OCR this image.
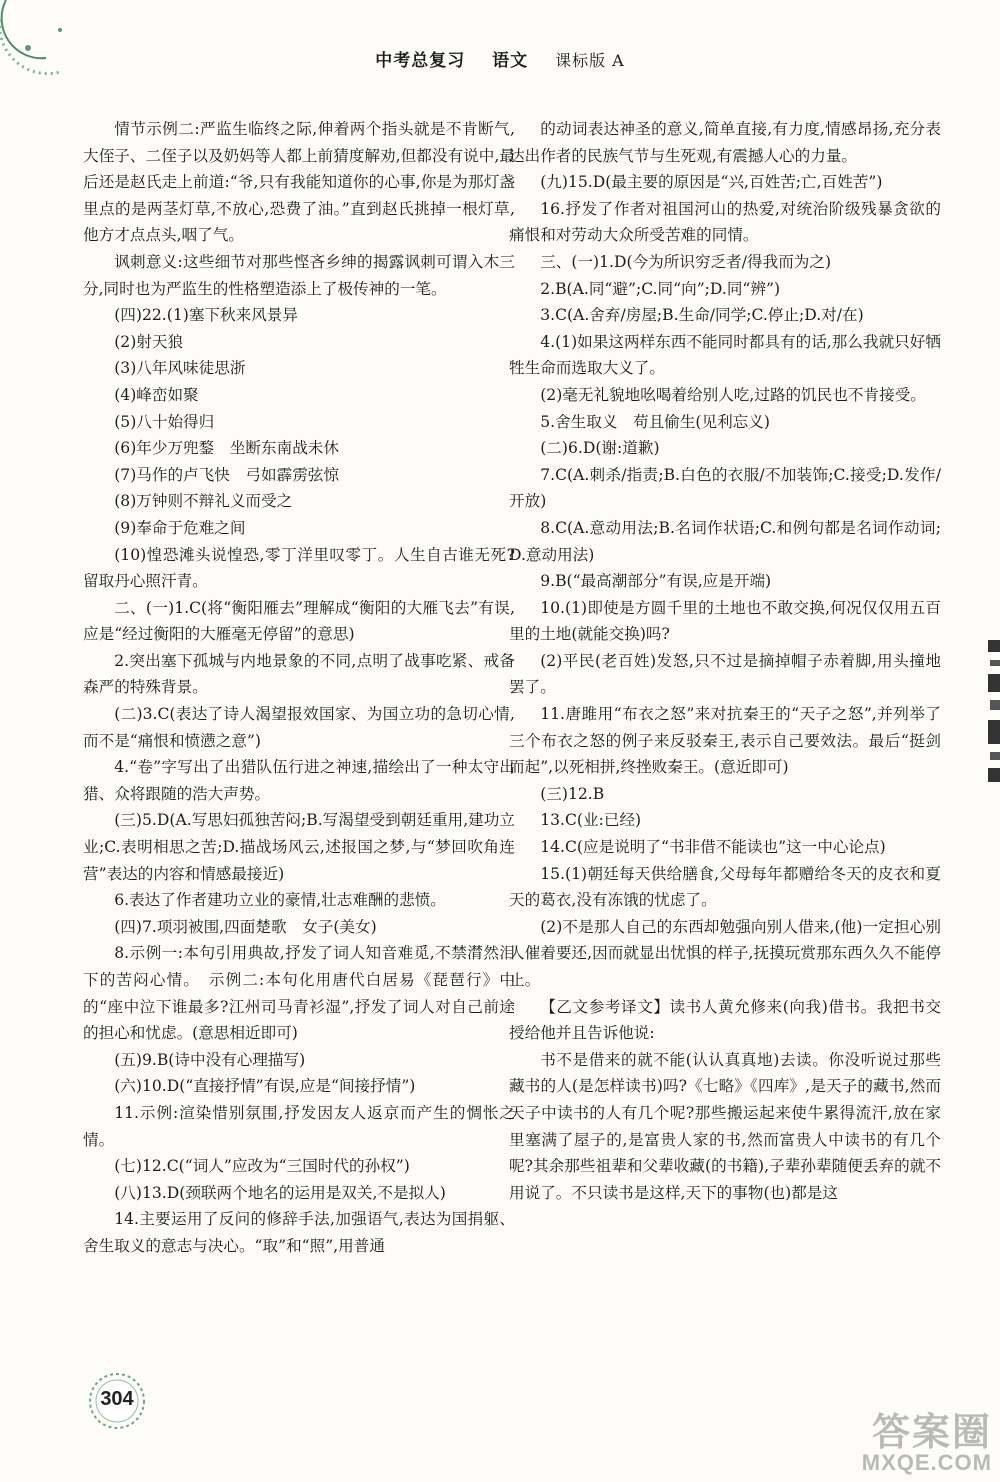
中考总复习 语文 课标版 A

情节示例二:严监生临终之际,伸着两个指头就是不肯断气,大侄子、二侄子以及奶妈等人都上前猜度解劝,但都没有说中,最后还是赵氏走上前道:“爷,只有我能知道你的心事,你是为那灯盏里点的是两茎灯草,不放心,恐费了油。”直到赵氏挑掉一根灯草,他方才点点头,咽了气。

讽刺意义:这些细节对那些悭吝乡绅的揭露讽刺可谓入木三分,同时也为严监生的性格塑造添上了极传神的一笔。

(四)22.(1)塞下秋来风景异

(2)射天狼

(3)八年风味徒思浙

(4)峰峦如聚

(5)八十始得归

(6)年少万兜鍪　坐断东南战未休

(7)马作的卢飞快　弓如霹雳弦惊

(8)万钟则不辩礼义而受之

(9)奉命于危难之间

(10)惶恐滩头说惶恐,零丁洋里叹零丁。人生自古谁无死?留取丹心照汗青。

二、(一)1.C(将“衡阳雁去”理解成“衡阳的大雁飞去”有误,应是“经过衡阳的大雁毫无停留”的意思)

2.突出塞下孤城与内地景象的不同,点明了战事吃紧、戒备森严的特殊背景。

(二)3.C(表达了诗人渴望报效国家、为国立功的急切心情,而不是“痛恨和愤懑之意”)

4.“卷”字写出了出猎队伍行进之神速,描绘出了一种太守出猎、众将跟随的浩大声势。

(三)5.D(A.写思妇孤独苦闷;B.写渴望受到朝廷重用,建功立业;C.表明相思之苦;D.描战场风云,述报国之梦,与“梦回吹角连营”表达的内容和情感最接近)

6.表达了作者建功立业的豪情,壮志难酬的悲愤。

(四)7.项羽被围,四面楚歌　女子(美女)

8.示例一:本句引用典故,抒发了词人知音难觅,不禁潸然泪下的苦闷心情。　示例二:本句化用唐代白居易《琵琶行》中的“座中泣下谁最多?江州司马青衫湿”,抒发了词人对自己前途的担心和忧虑。(意思相近即可)

(五)9.B(诗中没有心理描写)

(六)10.D(“直接抒情”有误,应是“间接抒情”)

11.示例:渲染惜别氛围,抒发因友人返京而产生的惆怅之情。

(七)12.C(“词人”应改为“三国时代的孙权”)

(八)13.D(颈联两个地名的运用是双关,不是拟人)

14.主要运用了反问的修辞手法,加强语气,表达为国捐躯、舍生取义的意志与决心。“取”和“照”,用普通

的动词表达神圣的意义,简单直接,有力度,情感昂扬,充分表达出作者的民族气节与生死观,有震撼人心的力量。

(九)15.D(最主要的原因是“兴,百姓苦;亡,百姓苦”)

16.抒发了作者对祖国河山的热爱,对统治阶级残暴贪欲的痛恨和对劳动大众所受苦难的同情。

三、(一)1.D(今为所识穷乏者/得我而为之)

2.B(A.同“避”;C.同“向”;D.同“辨”)

3.C(A.舍弃/房屋;B.生命/同学;C.停止;D.对/在)

4.(1)如果这两样东西不能同时都具有的话,那么我就只好牺牲生命而选取大义了。

(2)毫无礼貌地吆喝着给别人吃,过路的饥民也不肯接受。

5.舍生取义　苟且偷生(见利忘义)

(二)6.D(谢:道歉)

7.C(A.刺杀/指责;B.白色的衣服/不加装饰;C.接受;D.发作/开放)

8.C(A.意动用法;B.名词作状语;C.和例句都是名词作动词;D.意动用法)

9.B(“最高潮部分”有误,应是开端)

10.(1)即使是方圆千里的土地也不敢交换,何况仅仅用五百里的土地(就能交换)吗?

(2)平民(老百姓)发怒,只不过是摘掉帽子赤着脚,用头撞地罢了。

11.唐雎用“布衣之怒”来对抗秦王的“天子之怒”,并列举了三个布衣之怒的例子来反驳秦王,表示自己要效法。最后“挺剑而起”,以死相拼,终挫败秦王。(意近即可)

(三)12.B

13.C(业:已经)

14.C(应是说明了“书非借不能读也”这一中心论点)

15.(1)朝廷每天供给膳食,父母每年都赠给冬天的皮衣和夏天的葛衣,没有冻饿的忧虑了。

(2)不是那人自己的东西却勉强向别人借来,(他)一定担心别人催着要还,因而就显出忧惧的样子,抚摸玩赏那东西久久不能停止。

【乙文参考译文】读书人黄允修来(向我)借书。我把书交授给他并且告诉他说:

书不是借来的就不能(认认真真地)去读。你没听说过那些藏书的人(是怎样读书)吗?《七略》《四库》,是天子的藏书,然而天子中读书的人有几个呢?那些搬运起来使牛累得流汗,放在家里塞满了屋子的,是富贵人家的书,然而富贵人中读书的有几个呢?其余那些祖辈和父辈收藏(的书籍),子辈孙辈随便丢弃的就不用说了。不只读书是这样,天下的事物(也)都是这

304
答案圈
MXQE.COM
